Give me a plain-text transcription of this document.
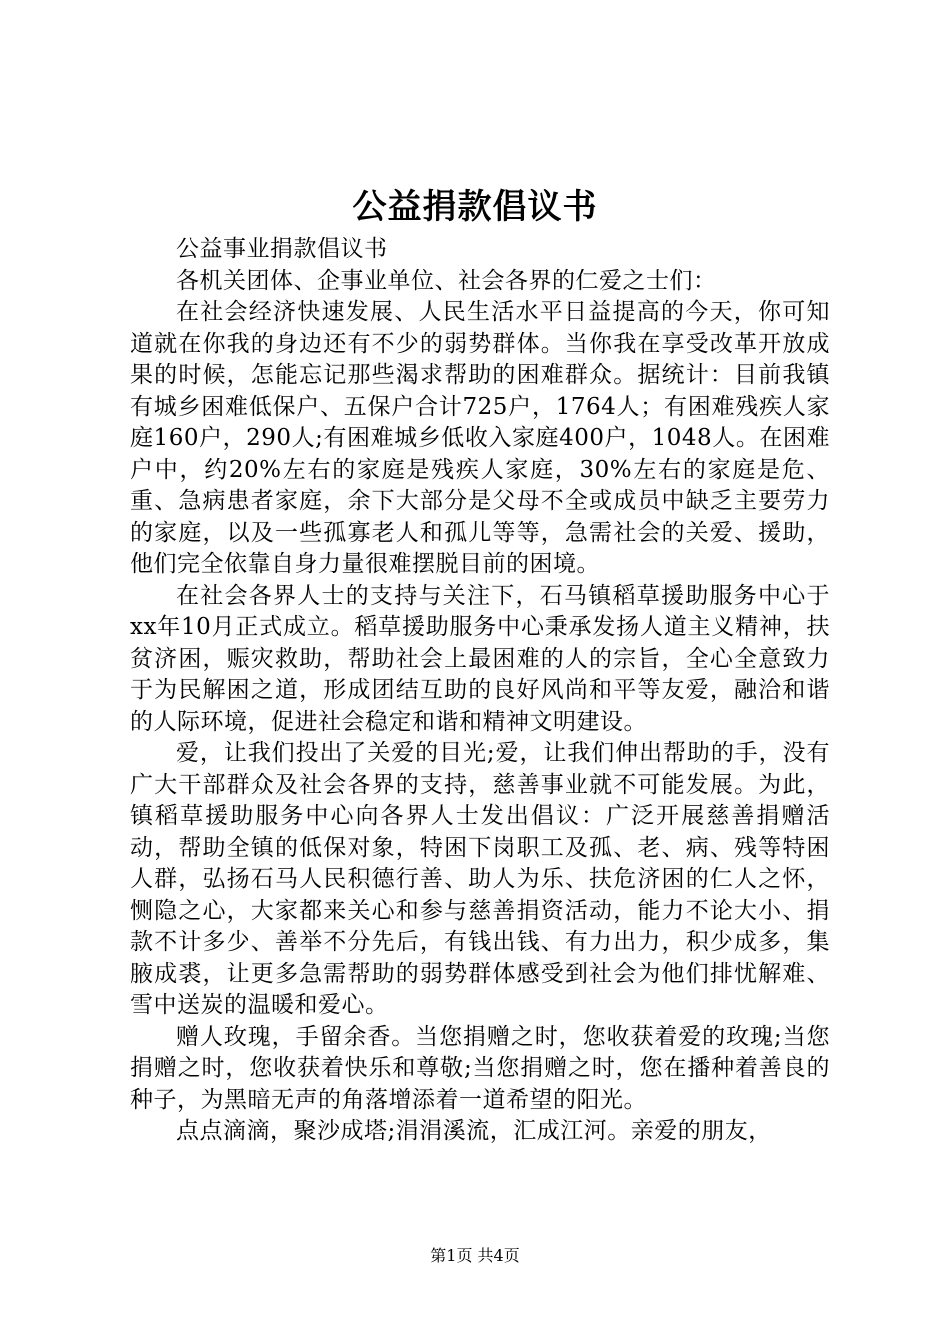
公益捐款倡议书

公益事业捐款倡议书

各机关团体、企事业单位、社会各界的仁爱之士们：

在社会经济快速发展、人民生活水平日益提高的今天，你可知道就在你我的身边还有不少的弱势群体。当你我在享受改革开放成果的时候，怎能忘记那些渴求帮助的困难群众。据统计：目前我镇有城乡困难低保户、五保户合计725户，1764人；有困难残疾人家庭160户，290人;有困难城乡低收入家庭400户，1048人。在困难户中，约20%左右的家庭是残疾人家庭，30%左右的家庭是危、重、急病患者家庭，余下大部分是父母不全或成员中缺乏主要劳力的家庭，以及一些孤寡老人和孤儿等等，急需社会的关爱、援助，他们完全依靠自身力量很难摆脱目前的困境。

在社会各界人士的支持与关注下，石马镇稻草援助服务中心于xx年10月正式成立。稻草援助服务中心秉承发扬人道主义精神，扶贫济困，赈灾救助，帮助社会上最困难的人的宗旨，全心全意致力于为民解困之道，形成团结互助的良好风尚和平等友爱，融洽和谐的人际环境，促进社会稳定和谐和精神文明建设。

爱，让我们投出了关爱的目光;爱，让我们伸出帮助的手，没有广大干部群众及社会各界的支持，慈善事业就不可能发展。为此，镇稻草援助服务中心向各界人士发出倡议：广泛开展慈善捐赠活动，帮助全镇的低保对象，特困下岗职工及孤、老、病、残等特困人群，弘扬石马人民积德行善、助人为乐、扶危济困的仁人之怀，恻隐之心，大家都来关心和参与慈善捐资活动，能力不论大小、捐款不计多少、善举不分先后，有钱出钱、有力出力，积少成多，集腋成裘，让更多急需帮助的弱势群体感受到社会为他们排忧解难、雪中送炭的温暖和爱心。

赠人玫瑰，手留余香。当您捐赠之时，您收获着爱的玫瑰;当您捐赠之时，您收获着快乐和尊敬;当您捐赠之时，您在播种着善良的种子，为黑暗无声的角落增添着一道希望的阳光。

点点滴滴，聚沙成塔;涓涓溪流，汇成江河。亲爱的朋友，

第1页 共4页
